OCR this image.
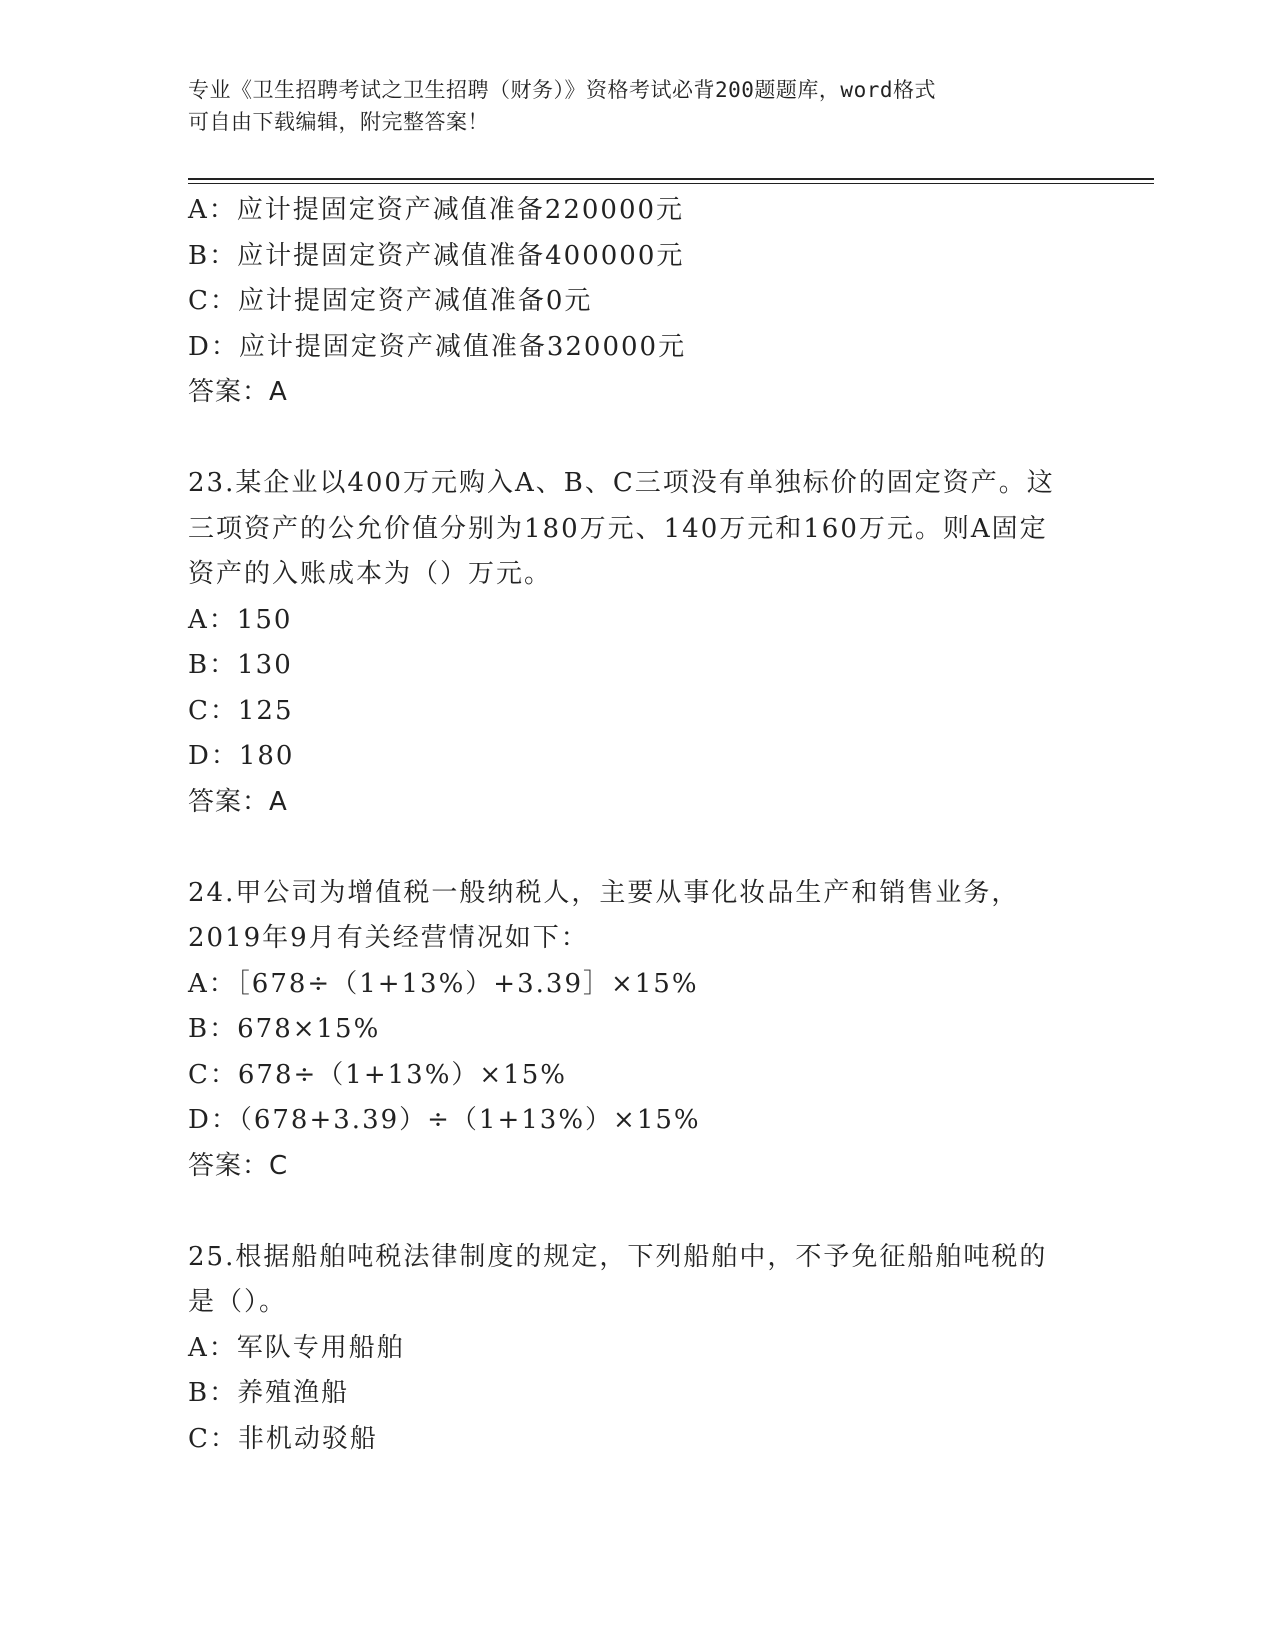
专业《卫生招聘考试之卫生招聘（财务）》资格考试必背200题题库，word格式
可自由下载编辑，附完整答案！
A：应计提固定资产减值准备220000元
B：应计提固定资产减值准备400000元
C：应计提固定资产减值准备0元
D：应计提固定资产减值准备320000元
答案：A
23.某企业以400万元购入A、B、C三项没有单独标价的固定资产。这
三项资产的公允价值分别为180万元、140万元和160万元。则A固定
资产的入账成本为（）万元。
A：150
B：130
C：125
D：180
答案：A
24.甲公司为增值税一般纳税人，主要从事化妆品生产和销售业务，
2019年9月有关经营情况如下：
A：［678÷（1+13%）+3.39］×15%
B：678×15%
C：678÷（1+13%）×15%
D：（678+3.39）÷（1+13%）×15%
答案：C
25.根据船舶吨税法律制度的规定，下列船舶中，不予免征船舶吨税的
是（）。
A：军队专用船舶
B：养殖渔船
C：非机动驳船
